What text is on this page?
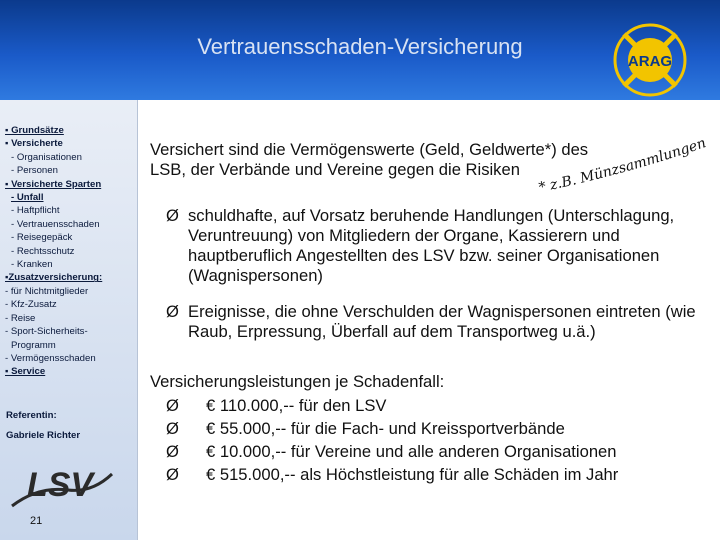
Vertrauensschaden-Versicherung
ARAG
▪ Grundsätze
▪ Versicherte
- Organisationen
- Personen
▪ Versicherte Sparten
- Unfall
- Haftpflicht
- Vertrauensschaden
- Reisegepäck
- Rechtsschutz
- Kranken
▪Zusatzversicherung:
- für Nichtmitglieder
- Kfz-Zusatz
- Reise
- Sport-Sicherheits-
Programm
- Vermögensschaden
▪ Service
Referentin:
Gabriele Richter
LSV
21
Versichert sind die Vermögenswerte (Geld, Geldwerte*) des
LSB, der Verbände und Vereine gegen die Risiken
* z.B. Münzsammlungen
Ø schuldhafte, auf Vorsatz beruhende Handlungen (Unterschlagung, Veruntreuung) von Mitgliedern der Organe, Kassierern und hauptberuflich Angestellten des LSV bzw. seiner Organisationen (Wagnispersonen)
Ø Ereignisse, die ohne Verschulden der Wagnispersonen eintreten (wie Raub, Erpressung, Überfall auf dem Transportweg u.ä.)
Versicherungsleistungen je Schadenfall:
Ø € 110.000,-- für den LSV
Ø € 55.000,-- für die Fach- und Kreissportverbände
Ø € 10.000,-- für Vereine und alle anderen Organisationen
Ø € 515.000,-- als Höchstleistung für alle Schäden im Jahr
